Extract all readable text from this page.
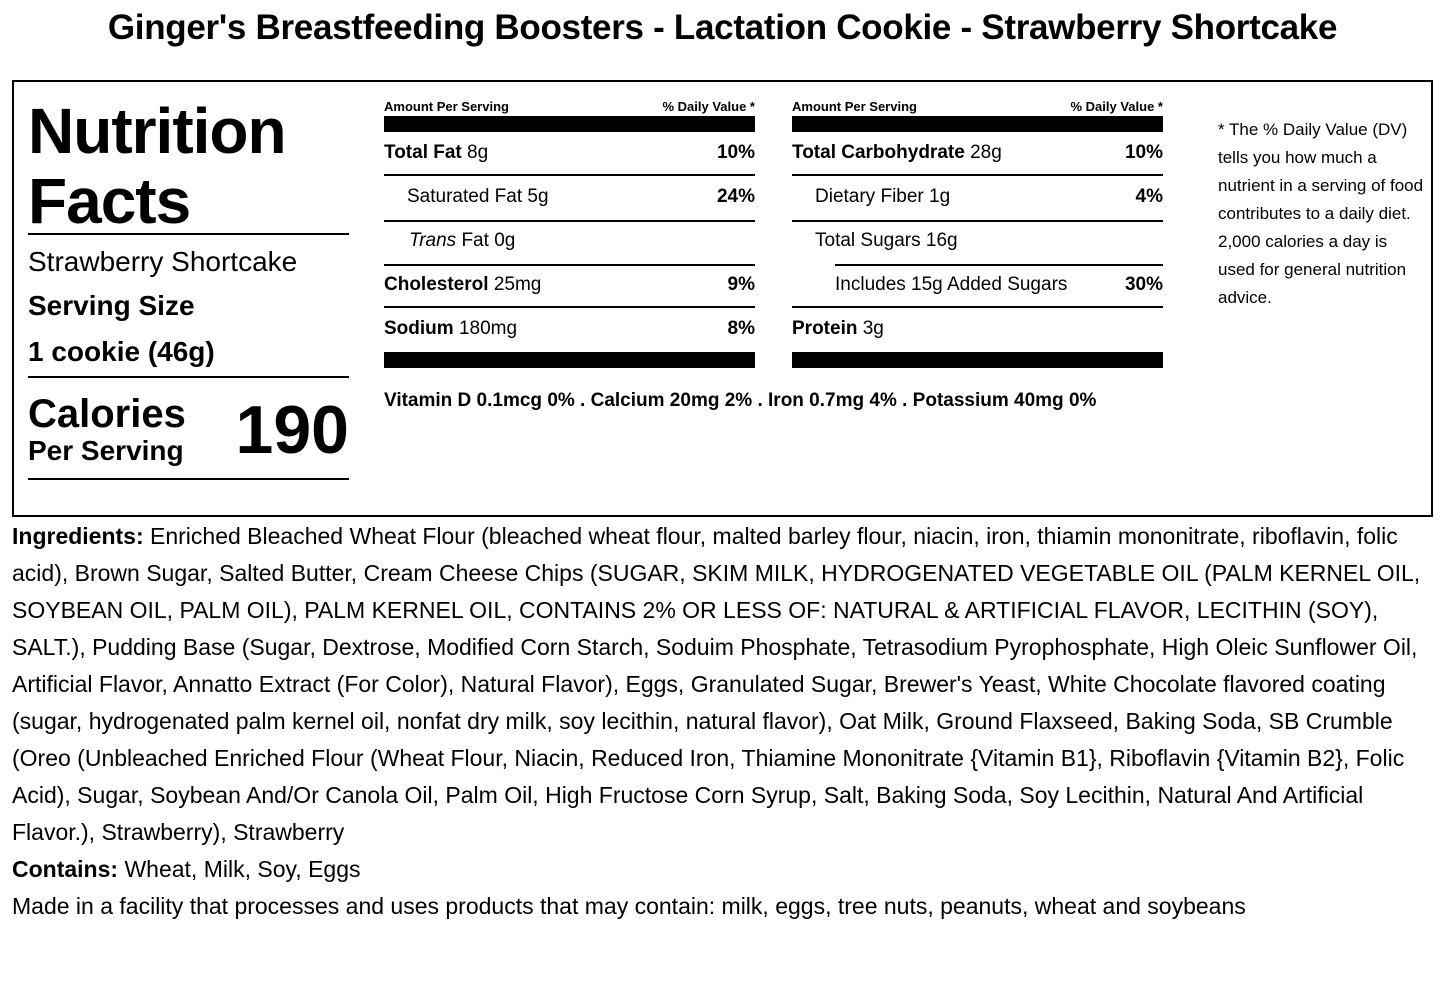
Ginger's Breastfeeding Boosters - Lactation Cookie - Strawberry Shortcake
Nutrition
Facts
Strawberry Shortcake
Serving Size
1 cookie (46g)
Calories
Per Serving 190
Amount Per Serving	% Daily Value *
Total Fat 8g	10%
Saturated Fat 5g	24%
Trans Fat 0g
Cholesterol 25mg	9%
Sodium 180mg	8%
Amount Per Serving	% Daily Value *
Total Carbohydrate 28g	10%
Dietary Fiber 1g	4%
Total Sugars 16g
Includes 15g Added Sugars	30%
Protein 3g
Vitamin D 0.1mcg 0% . Calcium 20mg 2% . Iron 0.7mg 4% . Potassium 40mg 0%
* The % Daily Value (DV) tells you how much a nutrient in a serving of food contributes to a daily diet. 2,000 calories a day is used for general nutrition advice.

Ingredients: Enriched Bleached Wheat Flour (bleached wheat flour, malted barley flour, niacin, iron, thiamin mononitrate, riboflavin, folic acid), Brown Sugar, Salted Butter, Cream Cheese Chips (SUGAR, SKIM MILK, HYDROGENATED VEGETABLE OIL (PALM KERNEL OIL, SOYBEAN OIL, PALM OIL), PALM KERNEL OIL, CONTAINS 2% OR LESS OF: NATURAL & ARTIFICIAL FLAVOR, LECITHIN (SOY), SALT.), Pudding Base (Sugar, Dextrose, Modified Corn Starch, Soduim Phosphate, Tetrasodium Pyrophosphate, High Oleic Sunflower Oil, Artificial Flavor, Annatto Extract (For Color), Natural Flavor), Eggs, Granulated Sugar, Brewer's Yeast, White Chocolate flavored coating (sugar, hydrogenated palm kernel oil, nonfat dry milk, soy lecithin, natural flavor), Oat Milk, Ground Flaxseed, Baking Soda, SB Crumble (Oreo (Unbleached Enriched Flour (Wheat Flour, Niacin, Reduced Iron, Thiamine Mononitrate {Vitamin B1}, Riboflavin {Vitamin B2}, Folic Acid), Sugar, Soybean And/Or Canola Oil, Palm Oil, High Fructose Corn Syrup, Salt, Baking Soda, Soy Lecithin, Natural And Artificial Flavor.), Strawberry), Strawberry

Contains: Wheat, Milk, Soy, Eggs

Made in a facility that processes and uses products that may contain: milk, eggs, tree nuts, peanuts, wheat and soybeans
